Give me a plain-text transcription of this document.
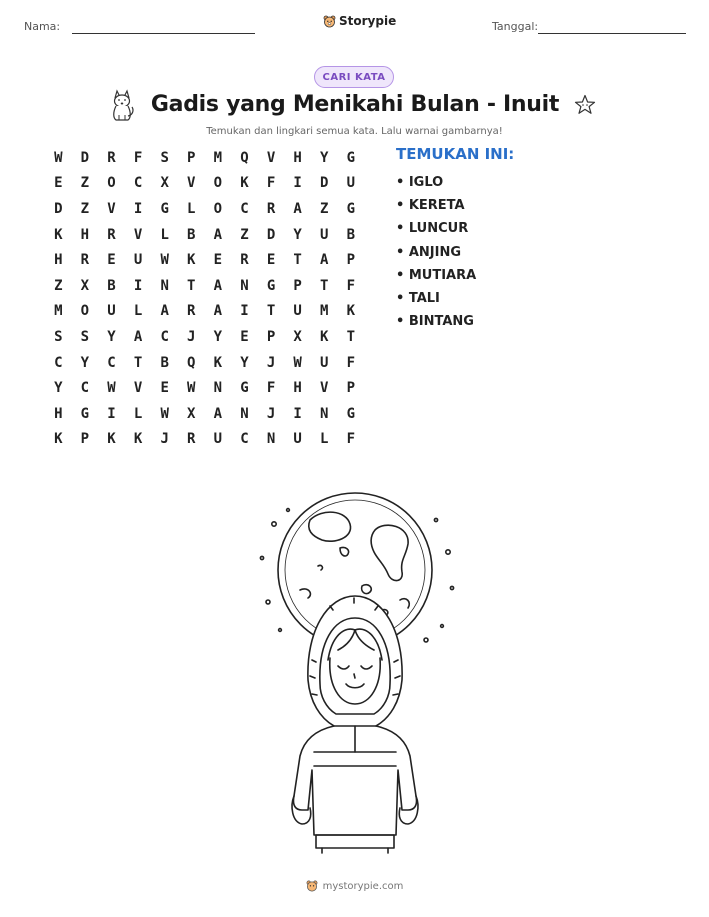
Nama:	Storypie	Tanggal:
CARI KATA
Gadis yang Menikahi Bulan - Inuit
Temukan dan lingkari semua kata. Lalu warnai gambarnya!
W	D	R	F	S	P	M	Q	V	H	Y	G
E	Z	O	C	X	V	O	K	F	I	D	U
D	Z	V	I	G	L	O	C	R	A	Z	G
K	H	R	V	L	B	A	Z	D	Y	U	B
H	R	E	U	W	K	E	R	E	T	A	P
Z	X	B	I	N	T	A	N	G	P	T	F
M	O	U	L	A	R	A	I	T	U	M	K
S	S	Y	A	C	J	Y	E	P	X	K	T
C	Y	C	T	B	Q	K	Y	J	W	U	F
Y	C	W	V	E	W	N	G	F	H	V	P
H	G	I	L	W	X	A	N	J	I	N	G
K	P	K	K	J	R	U	C	N	U	L	F
TEMUKAN INI:
• IGLO
• KERETA
• LUNCUR
• ANJING
• MUTIARA
• TALI
• BINTANG
mystorypie.com
